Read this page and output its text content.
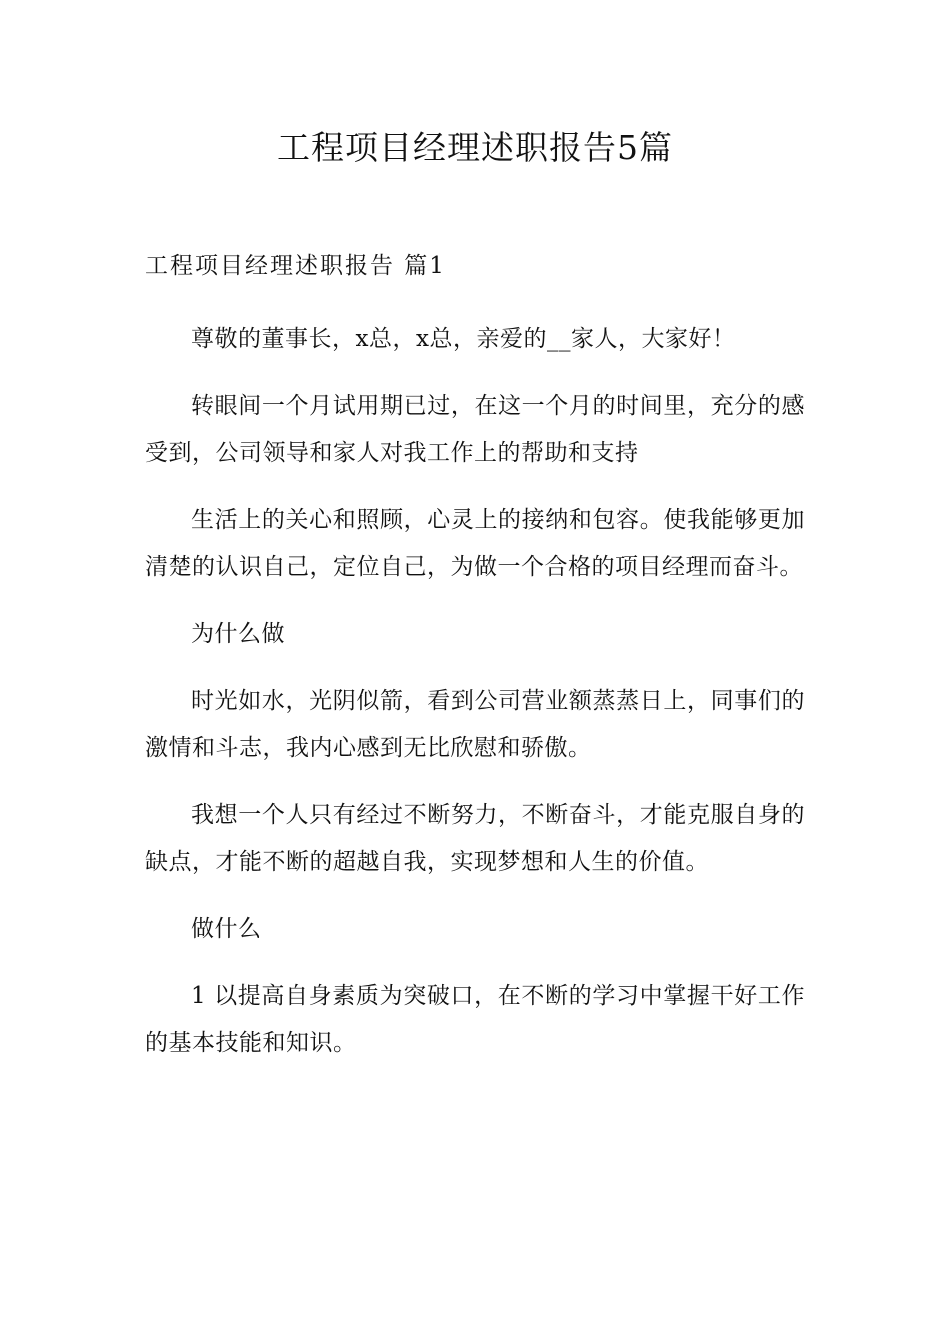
工程项目经理述职报告5篇
工程项目经理述职报告 篇1

尊敬的董事长，x总，x总，亲爱的__家人，大家好！

转眼间一个月试用期已过，在这一个月的时间里，充分的感受到，公司领导和家人对我工作上的帮助和支持

生活上的关心和照顾，心灵上的接纳和包容。使我能够更加清楚的认识自己，定位自己，为做一个合格的项目经理而奋斗。

为什么做

时光如水，光阴似箭，看到公司营业额蒸蒸日上，同事们的激情和斗志，我内心感到无比欣慰和骄傲。

我想一个人只有经过不断努力，不断奋斗，才能克服自身的缺点，才能不断的超越自我，实现梦想和人生的价值。

做什么

1 以提高自身素质为突破口，在不断的学习中掌握干好工作的基本技能和知识。
